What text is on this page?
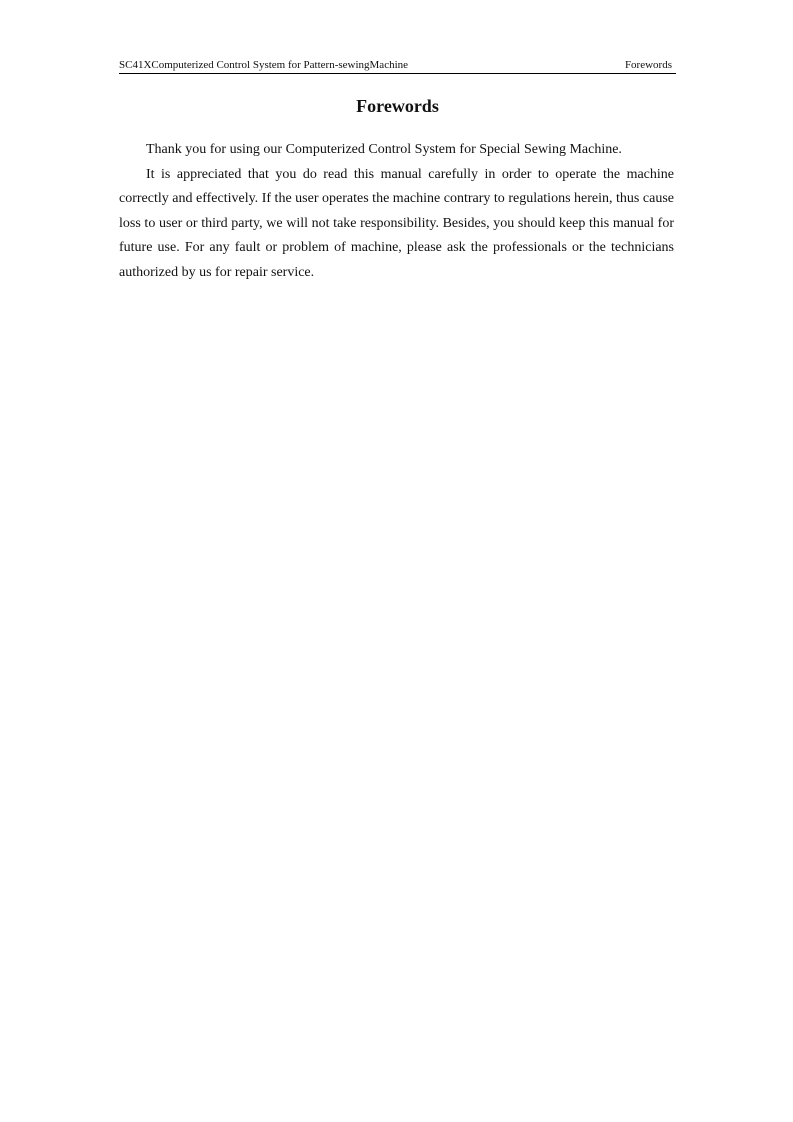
SC41XComputerized Control System for Pattern-sewingMachine	Forewords
Forewords

Thank you for using our Computerized Control System for Special Sewing Machine.

It is appreciated that you do read this manual carefully in order to operate the machine correctly and effectively. If the user operates the machine contrary to regulations herein, thus cause loss to user or third party, we will not take responsibility. Besides, you should keep this manual for future use. For any fault or problem of machine, please ask the professionals or the technicians authorized by us for repair service.
